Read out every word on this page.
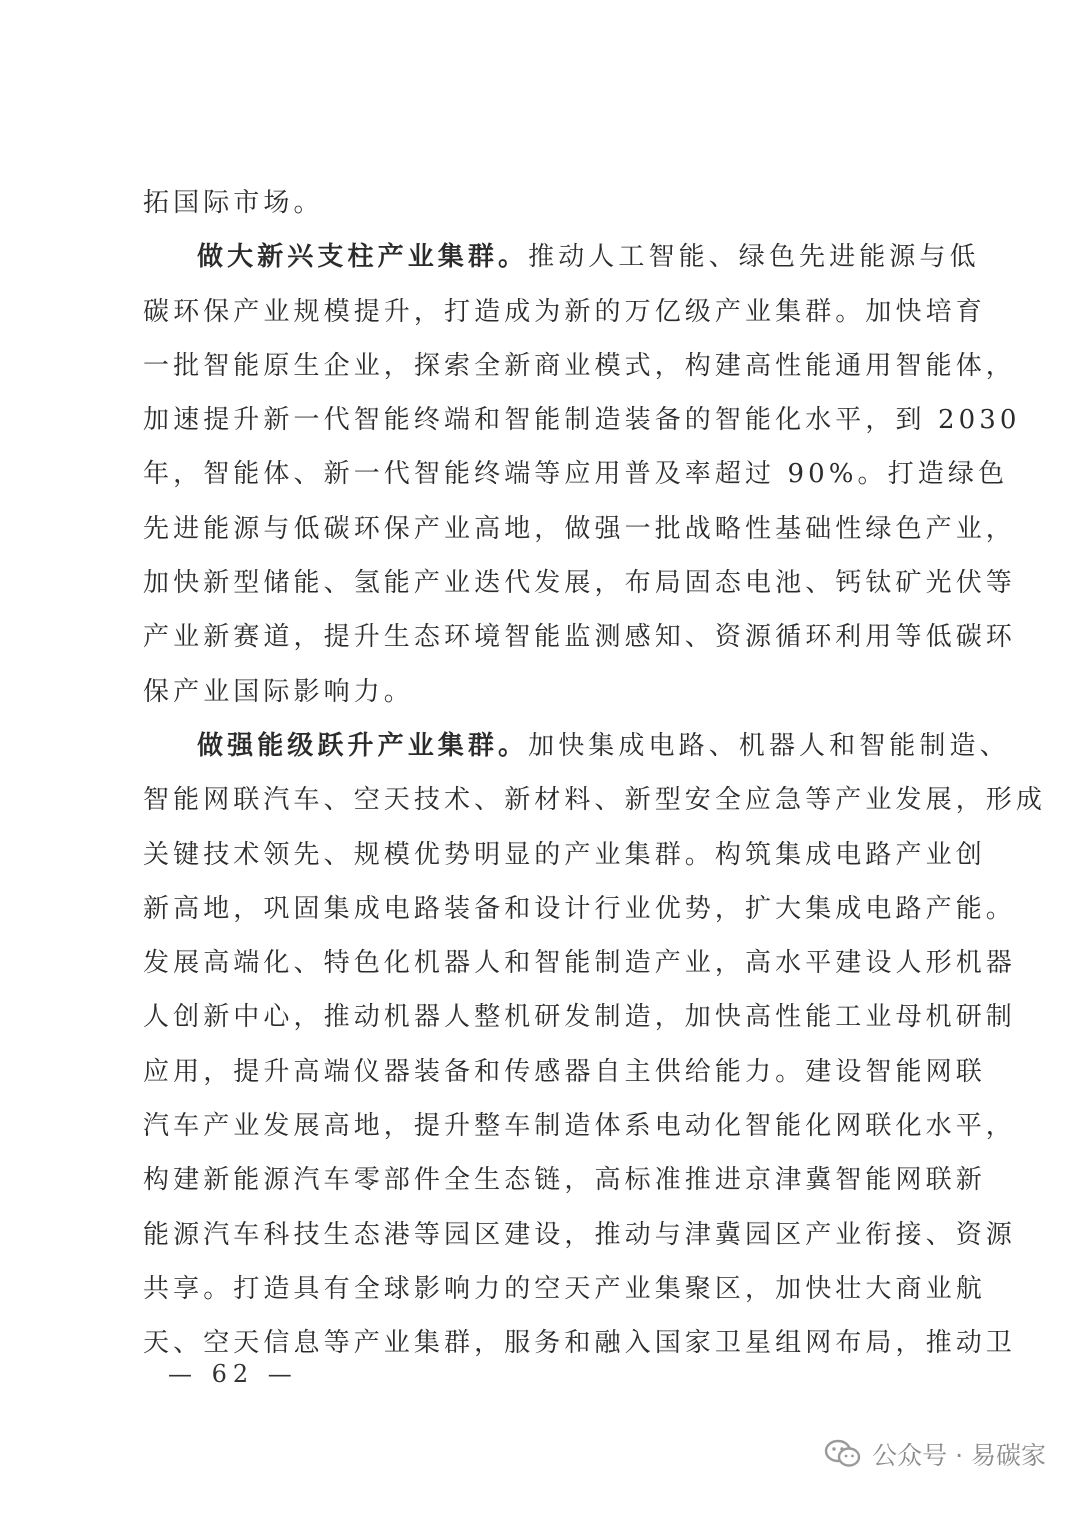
拓国际市场。
做大新兴支柱产业集群。推动人工智能、绿色先进能源与低
碳环保产业规模提升，打造成为新的万亿级产业集群。加快培育
一批智能原生企业，探索全新商业模式，构建高性能通用智能体，
加速提升新一代智能终端和智能制造装备的智能化水平，到 2030
年，智能体、新一代智能终端等应用普及率超过 90%。打造绿色
先进能源与低碳环保产业高地，做强一批战略性基础性绿色产业，
加快新型储能、氢能产业迭代发展，布局固态电池、钙钛矿光伏等
产业新赛道，提升生态环境智能监测感知、资源循环利用等低碳环
保产业国际影响力。
做强能级跃升产业集群。加快集成电路、机器人和智能制造、
智能网联汽车、空天技术、新材料、新型安全应急等产业发展，形成
关键技术领先、规模优势明显的产业集群。构筑集成电路产业创
新高地，巩固集成电路装备和设计行业优势，扩大集成电路产能。
发展高端化、特色化机器人和智能制造产业，高水平建设人形机器
人创新中心，推动机器人整机研发制造，加快高性能工业母机研制
应用，提升高端仪器装备和传感器自主供给能力。建设智能网联
汽车产业发展高地，提升整车制造体系电动化智能化网联化水平，
构建新能源汽车零部件全生态链，高标准推进京津冀智能网联新
能源汽车科技生态港等园区建设，推动与津冀园区产业衔接、资源
共享。打造具有全球影响力的空天产业集聚区，加快壮大商业航
天、空天信息等产业集群，服务和融入国家卫星组网布局，推动卫
— 62 —
公众号 · 易碳家
